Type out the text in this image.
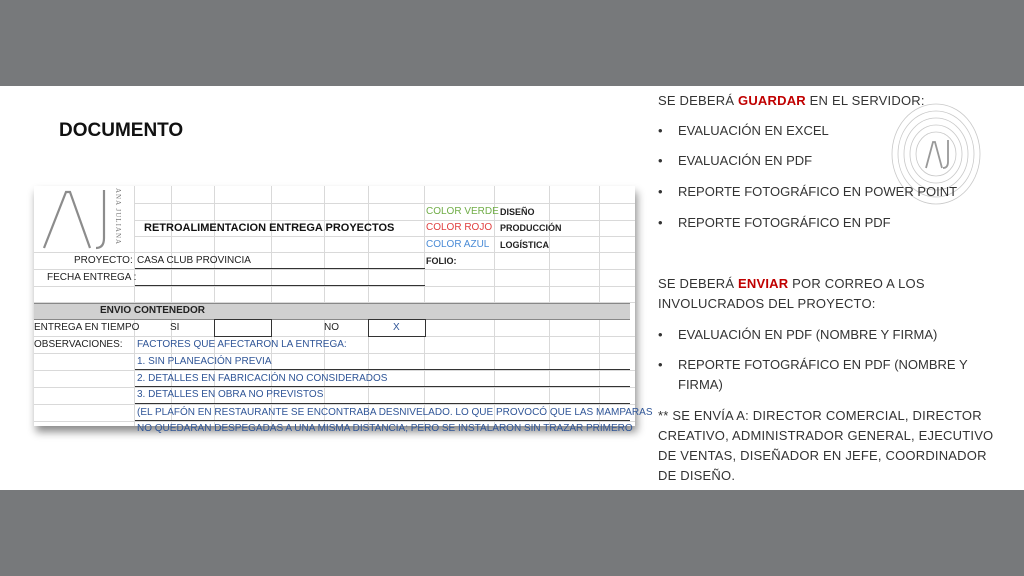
DOCUMENTO
ANA JULIANA RETROALIMENTACION ENTREGA PROYECTOS
COLOR VERDE DISEÑO
COLOR ROJO PRODUCCIÓN
COLOR AZUL LOGÍSTICA
PROYECTO: CASA CLUB PROVINCIA	FOLIO:
FECHA ENTREGA :
ENVIO CONTENEDOR
ENTREGA EN TIEMPO	SI	NO	X
OBSERVACIONES: FACTORES QUE AFECTARON LA ENTREGA:
1. SIN PLANEACIÓN PREVIA
2. DETALLES EN FABRICACIÓN NO CONSIDERADOS
3. DETALLES EN OBRA NO PREVISTOS
(EL PLAFÓN EN RESTAURANTE SE ENCONTRABA DESNIVELADO. LO QUE PROVOCÓ QUE LAS MAMPARAS
NO QUEDARAN DESPEGADAS A UNA MISMA DISTANCIA; PERO SE INSTALARON SIN TRAZAR PRIMERO
SE DEBERÁ GUARDAR EN EL SERVIDOR:
• EVALUACIÓN EN EXCEL
• EVALUACIÓN EN PDF
• REPORTE FOTOGRÁFICO EN POWER POINT
• REPORTE FOTOGRÁFICO EN PDF
SE DEBERÁ ENVIAR POR CORREO A LOS
INVOLUCRADOS DEL PROYECTO:
• EVALUACIÓN EN PDF (NOMBRE Y FIRMA)
• REPORTE FOTOGRÁFICO EN PDF (NOMBRE Y
FIRMA)
** SE ENVÍA A: DIRECTOR COMERCIAL, DIRECTOR
CREATIVO, ADMINISTRADOR GENERAL, EJECUTIVO
DE VENTAS, DISEÑADOR EN JEFE, COORDINADOR
DE DISEÑO.
